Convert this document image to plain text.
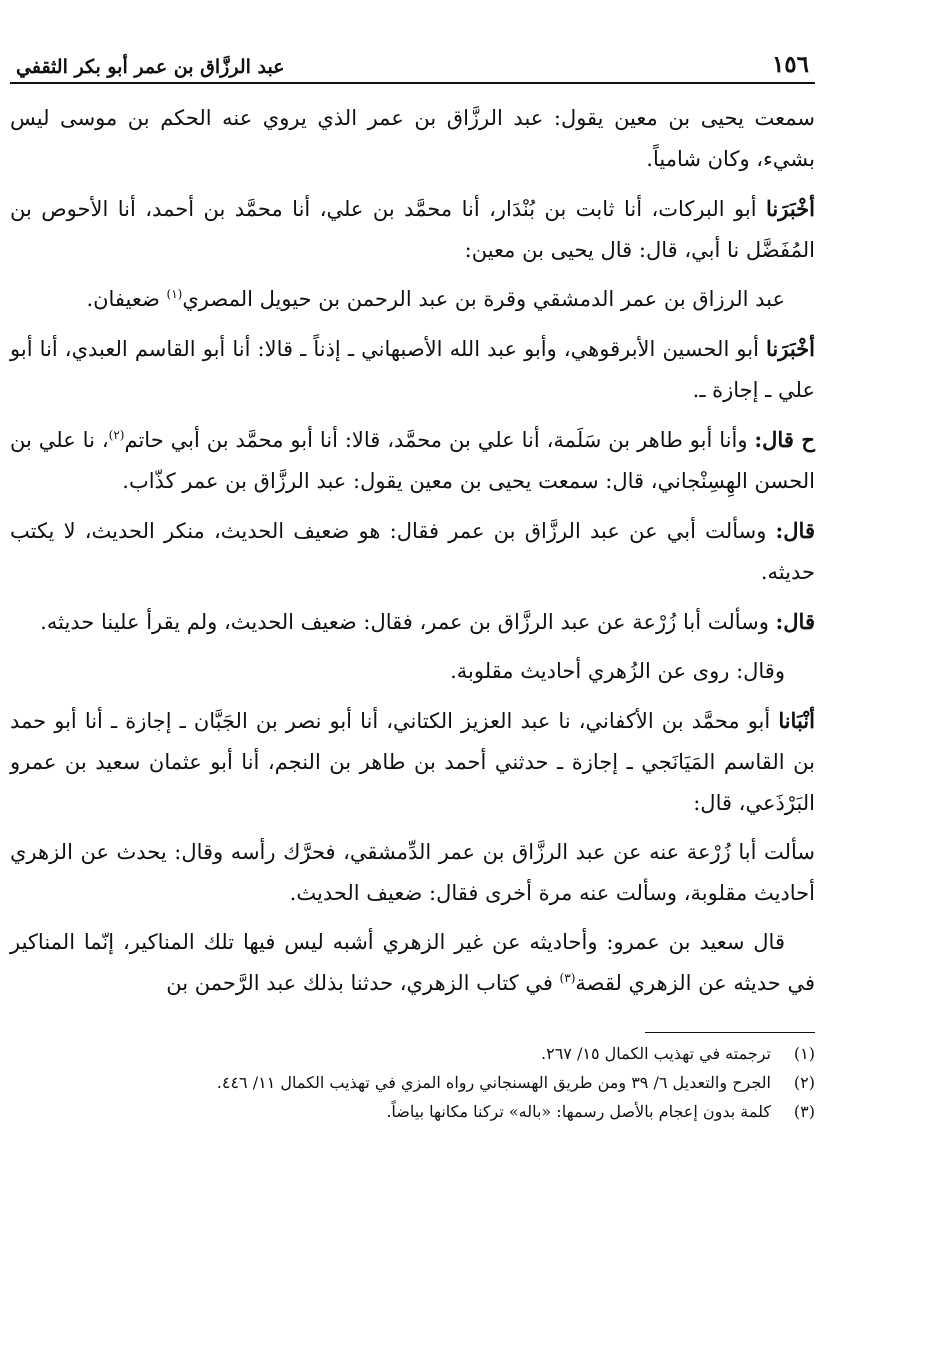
١٥٦
عبد الرزَّاق بن عمر أبو بكر الثقفي

سمعت يحيى بن معين يقول: عبد الرزَّاق بن عمر الذي يروي عنه الحكم بن موسى ليس بشيء، وكان شامياً.

أخْبَرَنا أبو البركات، أنا ثابت بن بُنْدَار، أنا محمَّد بن علي، أنا محمَّد بن أحمد، أنا الأحوص بن المُفَضَّل نا أبي، قال: قال يحيى بن معين:

عبد الرزاق بن عمر الدمشقي وقرة بن عبد الرحمن بن حيويل المصري$^{(١)}$ ضعيفان.

أخْبَرَنا أبو الحسين الأبرقوهي، وأبو عبد الله الأصبهاني ـ إذناً ـ قالا: أنا أبو القاسم العبدي، أنا أبو علي ـ إجازة ـ.

ح قال: وأنا أبو طاهر بن سَلَمة، أنا علي بن محمَّد، قالا: أنا أبو محمَّد بن أبي حاتم$^{(٢)}$، نا علي بن الحسن الهِسِنْجاني، قال: سمعت يحيى بن معين يقول: عبد الرزَّاق بن عمر كذّاب.

قال: وسألت أبي عن عبد الرزَّاق بن عمر فقال: هو ضعيف الحديث، منكر الحديث، لا يكتب حديثه.

قال: وسألت أبا زُرْعة عن عبد الرزَّاق بن عمر، فقال: ضعيف الحديث، ولم يقرأ علينا حديثه.

وقال: روى عن الزُهري أحاديث مقلوبة.

أنْبَانا أبو محمَّد بن الأكفاني، نا عبد العزيز الكتاني، أنا أبو نصر بن الجَبَّان ـ إجازة ـ أنا أبو حمد بن القاسم المَيَانَجي ـ إجازة ـ حدثني أحمد بن طاهر بن النجم، أنا أبو عثمان سعيد بن عمرو البَرْذَعي، قال:

سألت أبا زُرْعة عنه عن عبد الرزَّاق بن عمر الدِّمشقي، فحرَّك رأسه وقال: يحدث عن الزهري أحاديث مقلوبة، وسألت عنه مرة أخرى فقال: ضعيف الحديث.

قال سعيد بن عمرو: وأحاديثه عن غير الزهري أشبه ليس فيها تلك المناكير، إنّما المناكير في حديثه عن الزهري لقصة$^{(٣)}$ في كتاب الزهري، حدثنا بذلك عبد الرَّحمن بن

(١)ترجمته في تهذيب الكمال ١٥/ ٢٦٧.

(٢)الجرح والتعديل ٦/ ٣٩ ومن طريق الهسنجاني رواه المزي في تهذيب الكمال ١١/ ٤٤٦.

(٣)كلمة بدون إعجام بالأصل رسمها: «باله» تركنا مكانها بياضاً.
